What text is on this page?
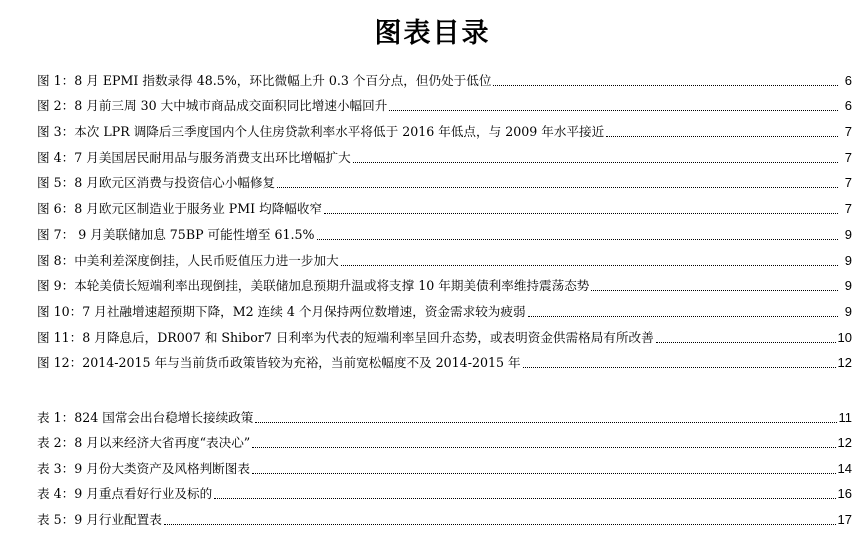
图表目录
图 1：8 月 EPMI 指数录得 48.5%，环比微幅上升 0.3 个百分点，但仍处于低位	6
图 2：8 月前三周 30 大中城市商品成交面积同比增速小幅回升	6
图 3：本次 LPR 调降后三季度国内个人住房贷款利率水平将低于 2016 年低点，与 2009 年水平接近	7
图 4：7 月美国居民耐用品与服务消费支出环比增幅扩大	7
图 5：8 月欧元区消费与投资信心小幅修复	7
图 6：8 月欧元区制造业于服务业 PMI 均降幅收窄	7
图 7： 9 月美联储加息 75BP 可能性增至 61.5%	9
图 8：中美利差深度倒挂，人民币贬值压力进一步加大	9
图 9：本轮美债长短端利率出现倒挂，美联储加息预期升温或将支撑 10 年期美债利率维持震荡态势	9
图 10：7 月社融增速超预期下降，M2 连续 4 个月保持两位数增速，资金需求较为疲弱	9
图 11：8 月降息后，DR007 和 Shibor7 日利率为代表的短端利率呈回升态势，或表明资金供需格局有所改善	10
图 12：2014-2015 年与当前货币政策皆较为充裕，当前宽松幅度不及 2014-2015 年	12
表 1：824 国常会出台稳增长接续政策	11
表 2：8 月以来经济大省再度“表决心”	12
表 3：9 月份大类资产及风格判断图表	14
表 4：9 月重点看好行业及标的	16
表 5：9 月行业配置表	17
